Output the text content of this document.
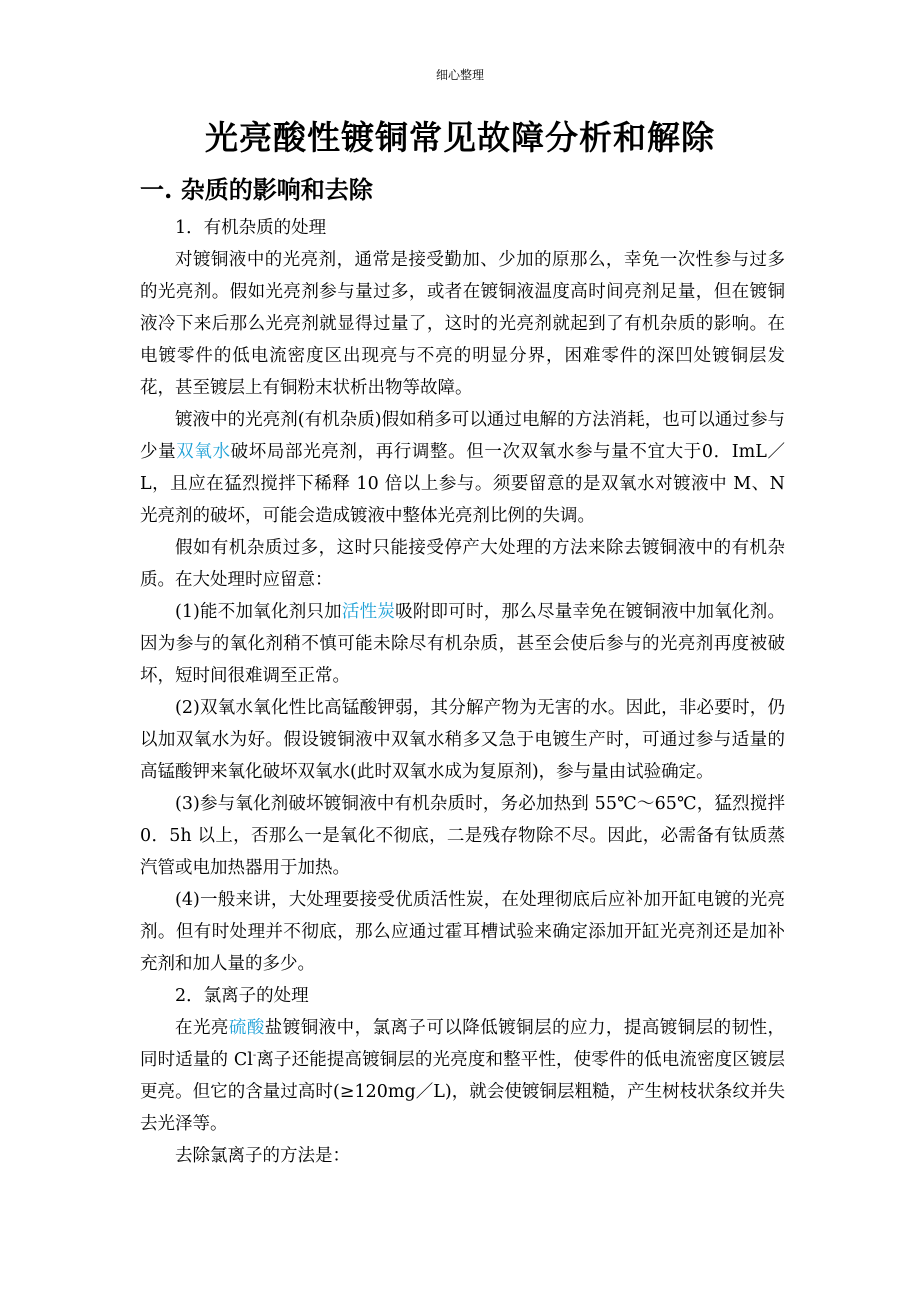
细心整理
光亮酸性镀铜常见故障分析和解除
一. 杂质的影响和去除

1．有机杂质的处理

对镀铜液中的光亮剂，通常是接受勤加、少加的原那么，幸免一次性参与过多的光亮剂。假如光亮剂参与量过多，或者在镀铜液温度高时间亮剂足量，但在镀铜液冷下来后那么光亮剂就显得过量了，这时的光亮剂就起到了有机杂质的影响。在电镀零件的低电流密度区出现亮与不亮的明显分界，困难零件的深凹处镀铜层发花，甚至镀层上有铜粉末状析出物等故障。

镀液中的光亮剂(有机杂质)假如稍多可以通过电解的方法消耗，也可以通过参与少量双氧水破坏局部光亮剂，再行调整。但一次双氧水参与量不宜大于0．ImL／L，且应在猛烈搅拌下稀释 10 倍以上参与。须要留意的是双氧水对镀液中 M、N 光亮剂的破坏，可能会造成镀液中整体光亮剂比例的失调。

假如有机杂质过多，这时只能接受停产大处理的方法来除去镀铜液中的有机杂质。在大处理时应留意：

(1)能不加氧化剂只加活性炭吸附即可时，那么尽量幸免在镀铜液中加氧化剂。因为参与的氧化剂稍不慎可能未除尽有机杂质，甚至会使后参与的光亮剂再度被破坏，短时间很难调至正常。

(2)双氧水氧化性比高锰酸钾弱，其分解产物为无害的水。因此，非必要时，仍以加双氧水为好。假设镀铜液中双氧水稍多又急于电镀生产时，可通过参与适量的高锰酸钾来氧化破坏双氧水(此时双氧水成为复原剂)，参与量由试验确定。

(3)参与氧化剂破坏镀铜液中有机杂质时，务必加热到 55℃～65℃，猛烈搅拌 0．5h 以上，否那么一是氧化不彻底，二是残存物除不尽。因此，必需备有钛质蒸汽管或电加热器用于加热。

(4)一般来讲，大处理要接受优质活性炭，在处理彻底后应补加开缸电镀的光亮剂。但有时处理并不彻底，那么应通过霍耳槽试验来确定添加开缸光亮剂还是加补充剂和加人量的多少。

2．氯离子的处理

在光亮硫酸盐镀铜液中，氯离子可以降低镀铜层的应力，提高镀铜层的韧性，同时适量的 Cl-离子还能提高镀铜层的光亮度和整平性，使零件的低电流密度区镀层更亮。但它的含量过高时(≥120mg／L)，就会使镀铜层粗糙，产生树枝状条纹并失去光泽等。

去除氯离子的方法是：
